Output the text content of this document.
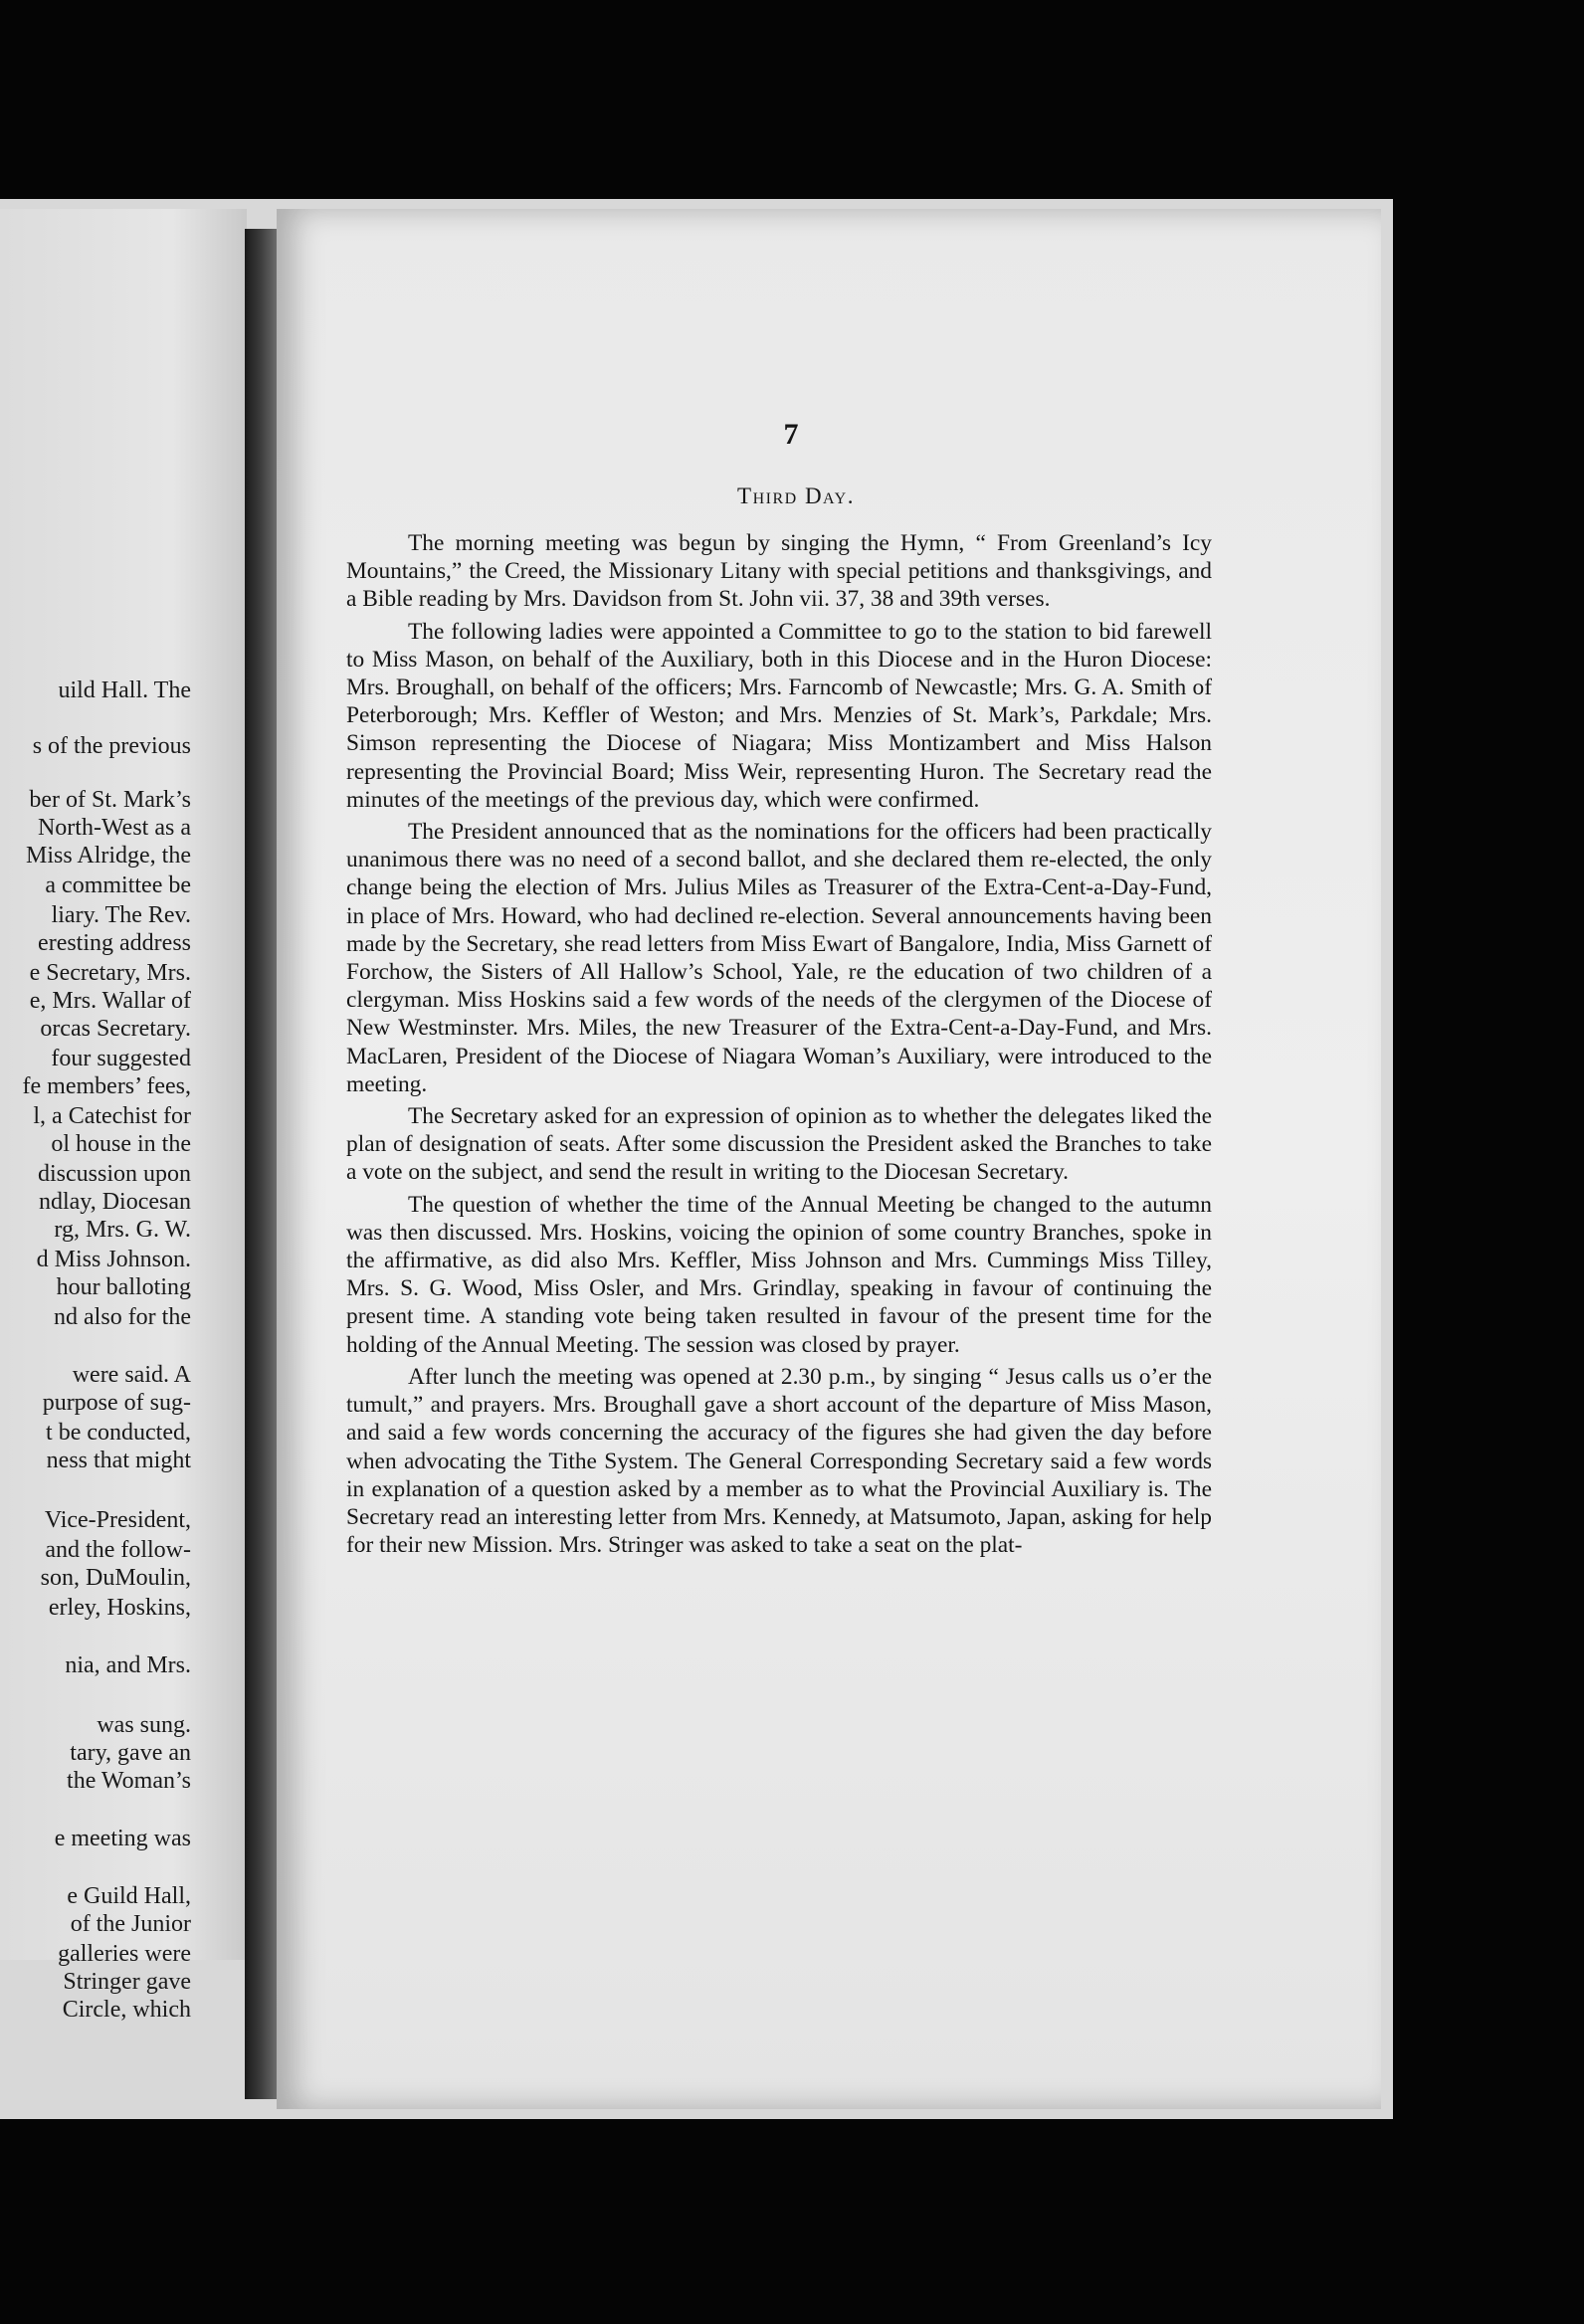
uild Hall. The
s of the previous
ber of St. Mark’s
North-West as a
Miss Alridge, the
a committee be
liary. The Rev.
eresting address
e Secretary, Mrs.
e, Mrs. Wallar of
orcas Secretary.
four suggested
fe members’ fees,
l, a Catechist for
ol house in the
discussion upon
ndlay, Diocesan
rg, Mrs. G. W.
d Miss Johnson.
hour balloting
nd also for the
were said. A
purpose of sug-
t be conducted,
ness that might
Vice-President,
and the follow-
son, DuMoulin,
erley, Hoskins,
nia, and Mrs.
was sung.
tary, gave an
the Woman’s
e meeting was
e Guild Hall,
of the Junior
galleries were
Stringer gave
Circle, which
7
Third Day.

The morning meeting was begun by singing the Hymn, “ From Greenland’s Icy Mountains,” the Creed, the Missionary Litany with special petitions and thanksgivings, and a Bible reading by Mrs. Davidson from St. John vii. 37, 38 and 39th verses.

The following ladies were appointed a Committee to go to the station to bid farewell to Miss Mason, on behalf of the Auxiliary, both in this Diocese and in the Huron Diocese: Mrs. Broughall, on behalf of the officers; Mrs. Farncomb of Newcastle; Mrs. G. A. Smith of Peterborough; Mrs. Keffler of Weston; and Mrs. Menzies of St. Mark’s, Parkdale; Mrs. Simson representing the Diocese of Niagara; Miss Montizambert and Miss Halson representing the Provincial Board; Miss Weir, representing Huron. The Secretary read the minutes of the meetings of the previous day, which were confirmed.

The President announced that as the nominations for the officers had been practically unanimous there was no need of a second ballot, and she declared them re-elected, the only change being the election of Mrs. Julius Miles as Treasurer of the Extra-Cent-a-Day-Fund, in place of Mrs. Howard, who had declined re-election. Several announcements having been made by the Secretary, she read letters from Miss Ewart of Bangalore, India, Miss Garnett of Forchow, the Sisters of All Hallow’s School, Yale, re the education of two children of a clergyman. Miss Hoskins said a few words of the needs of the clergymen of the Diocese of New Westminster. Mrs. Miles, the new Treasurer of the Extra-Cent-a-Day-Fund, and Mrs. MacLaren, President of the Diocese of Niagara Woman’s Auxiliary, were introduced to the meeting.

The Secretary asked for an expression of opinion as to whether the delegates liked the plan of designation of seats. After some discussion the President asked the Branches to take a vote on the subject, and send the result in writing to the Diocesan Secretary.

The question of whether the time of the Annual Meeting be changed to the autumn was then discussed. Mrs. Hoskins, voicing the opinion of some country Branches, spoke in the affirmative, as did also Mrs. Keffler, Miss Johnson and Mrs. Cummings Miss Tilley, Mrs. S. G. Wood, Miss Osler, and Mrs. Grindlay, speaking in favour of continuing the present time. A standing vote being taken resulted in favour of the present time for the holding of the Annual Meeting. The session was closed by prayer.

After lunch the meeting was opened at 2.30 p.m., by singing “ Jesus calls us o’er the tumult,” and prayers. Mrs. Broughall gave a short account of the departure of Miss Mason, and said a few words concerning the accuracy of the figures she had given the day before when advocating the Tithe System. The General Corresponding Secretary said a few words in explanation of a question asked by a member as to what the Provincial Auxiliary is. The Secretary read an interesting letter from Mrs. Kennedy, at Matsumoto, Japan, asking for help for their new Mission. Mrs. Stringer was asked to take a seat on the plat-
